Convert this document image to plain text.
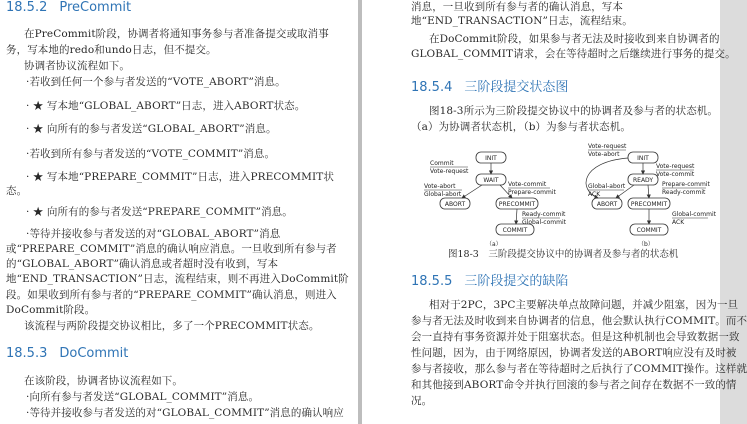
18.5.2 PreCommit
在PreCommit阶段，协调者将通知事务参与者准备提交或取消事
务，写本地的redo和undo日志，但不提交。
协调者协议流程如下。
·若收到任何一个参与者发送的“VOTE_ABORT”消息。
· ★ 写本地“GLOBAL_ABORT”日志，进入ABORT状态。
· ★ 向所有的参与者发送“GLOBAL_ABORT”消息。
·若收到所有参与者发送的“VOTE_COMMIT”消息。
· ★ 写本地“PREPARE_COMMIT”日志，进入PRECOMMIT状
态。
· ★ 向所有的参与者发送“PREPARE_COMMIT”消息。
·等待并接收参与者发送的对“GLOBAL_ABORT”消息
或“PREPARE_COMMIT”消息的确认响应消息。一旦收到所有参与者
的“GLOBAL_ABORT”确认消息或者超时没有收到，写本
地“END_TRANSACTION”日志，流程结束，则不再进入DoCommit阶
段。如果收到所有参与者的“PREPARE_COMMIT”确认消息，则进入
DoCommit阶段。
该流程与两阶段提交协议相比，多了一个PRECOMMIT状态。
18.5.3 DoCommit
在该阶段，协调者协议流程如下。
·向所有参与者发送“GLOBAL_COMMIT”消息。
·等待并接收参与者发送的对“GLOBAL_COMMIT”消息的确认响应
消息，一旦收到所有参与者的确认消息，写本
地“END_TRANSACTION”日志，流程结束。
在DoCommit阶段，如果参与者无法及时接收到来自协调者的
GLOBAL_COMMIT请求，会在等待超时之后继续进行事务的提交。
18.5.4 三阶段提交状态图
图18-3所示为三阶段提交协议中的协调者及参与者的状态机。
（a）为协调者状态机，（b）为参与者状态机。
INIT
WAIT
ABORT	PRECOMMIT
COMMIT
Commit
Vote-request
Vote-abort
Global-abort
Vote-commit
Prepare-commit
Ready-commit
Global-commit
（a）
INIT
READY
ABORT PRECOMMIT
COMMIT
Vote-request
Vote-abort
Vote-request
Vote-commit
Global-abort
ACK
Prepare-commit
Ready-commit
Global-commit
ACK
（b）
图18-3　三阶段提交协议中的协调者及参与者的状态机
18.5.5 三阶段提交的缺陷
相对于2PC，3PC主要解决单点故障问题，并减少阻塞，因为一旦
参与者无法及时收到来自协调者的信息，他会默认执行COMMIT。而不
会一直持有事务资源并处于阻塞状态。但是这种机制也会导致数据一致
性问题，因为，由于网络原因，协调者发送的ABORT响应没有及时被
参与者接收，那么参与者在等待超时之后执行了COMMIT操作。这样就
和其他接到ABORT命令并执行回滚的参与者之间存在数据不一致的情
况。
